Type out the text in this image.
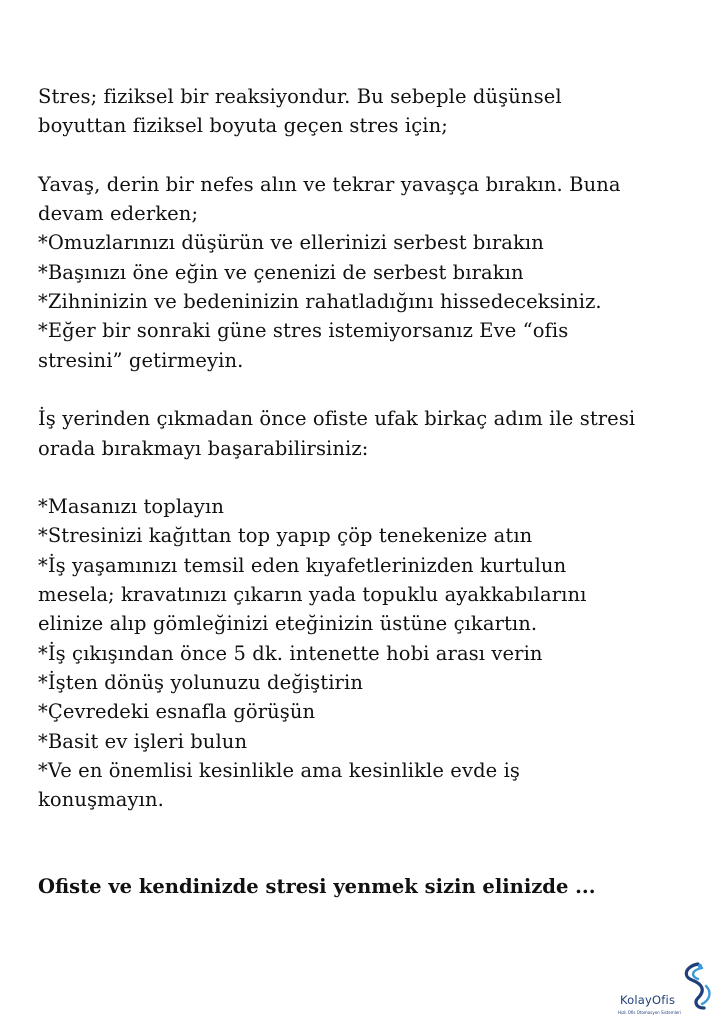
Stres; fiziksel bir reaksiyondur. Bu sebeple düşünsel
boyuttan fiziksel boyuta geçen stres için;
Yavaş, derin bir nefes alın ve tekrar yavaşça bırakın. Buna
devam ederken;
*Omuzlarınızı düşürün ve ellerinizi serbest bırakın
*Başınızı öne eğin ve çenenizi de serbest bırakın
*Zihninizin ve bedeninizin rahatladığını hissedeceksiniz.
*Eğer bir sonraki güne stres istemiyorsanız Eve “ofis
stresini” getirmeyin.
İş yerinden çıkmadan önce ofiste ufak birkaç adım ile stresi
orada bırakmayı başarabilirsiniz:
*Masanızı toplayın
*Stresinizi kağıttan top yapıp çöp tenekenize atın
*İş yaşamınızı temsil eden kıyafetlerinizden kurtulun
mesela; kravatınızı çıkarın yada topuklu ayakkabılarını
elinize alıp gömleğinizi eteğinizin üstüne çıkartın.
*İş çıkışından önce 5 dk. intenette hobi arası verin
*İşten dönüş yolunuzu değiştirin
*Çevredeki esnafla görüşün
*Basit ev işleri bulun
*Ve en önemlisi kesinlikle ama kesinlikle evde iş
konuşmayın.
Ofiste ve kendinizde stresi yenmek sizin elinizde ...
KolayOfis
Hızlı Ofis Otomasyon Sistemleri
